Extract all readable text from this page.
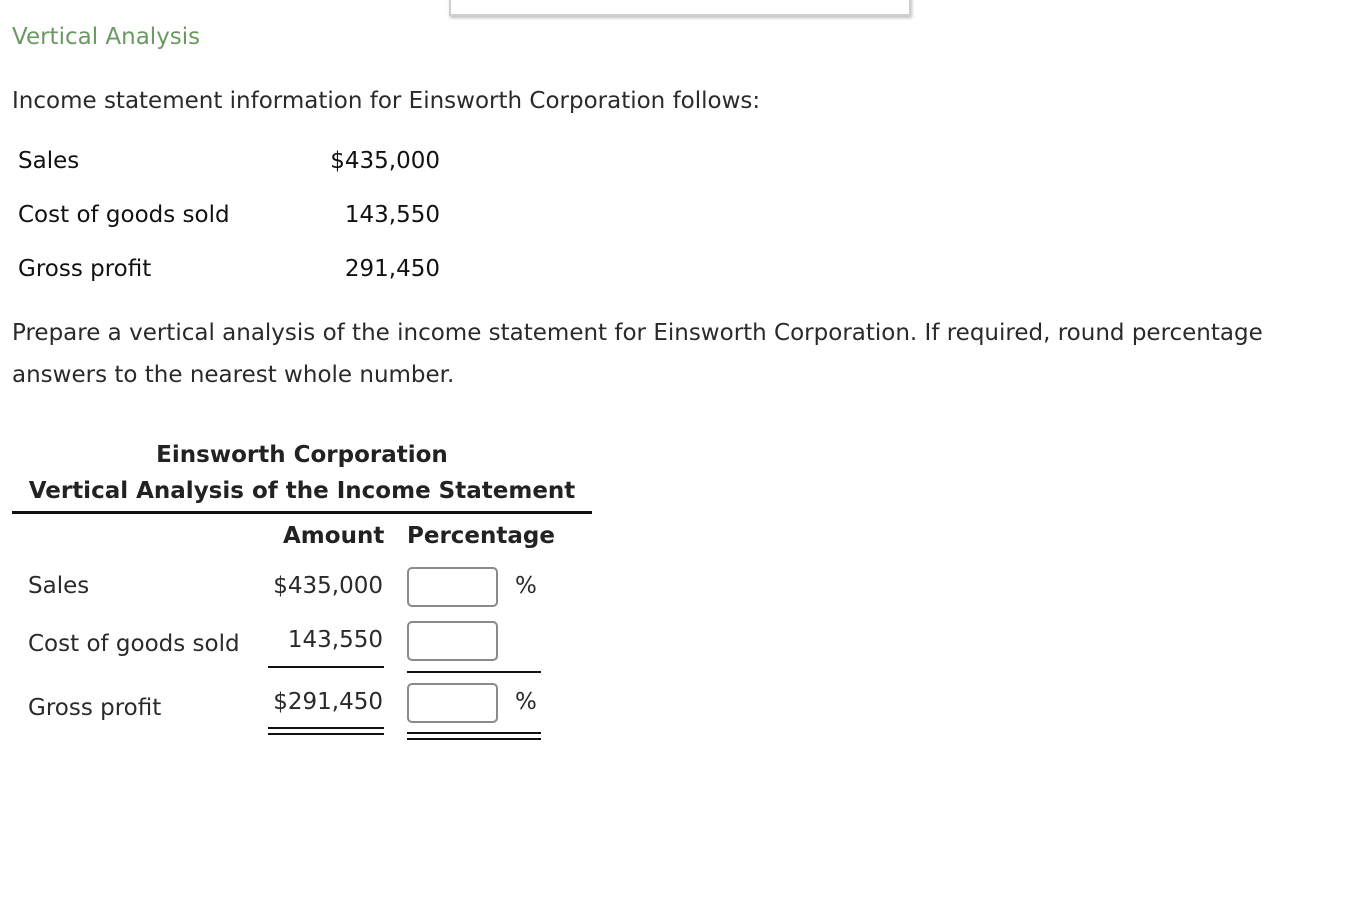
Vertical Analysis
Income statement information for Einsworth Corporation follows:
Sales	$435,000
Cost of goods sold	143,550
Gross profit	291,450
Prepare a vertical analysis of the income statement for Einsworth Corporation. If required, round percentage answers to the nearest whole number.
Einsworth Corporation
Vertical Analysis of the Income Statement
Amount Percentage
Sales	$435,000	%
Cost of goods sold	143,550
Gross profit	$291,450	%
